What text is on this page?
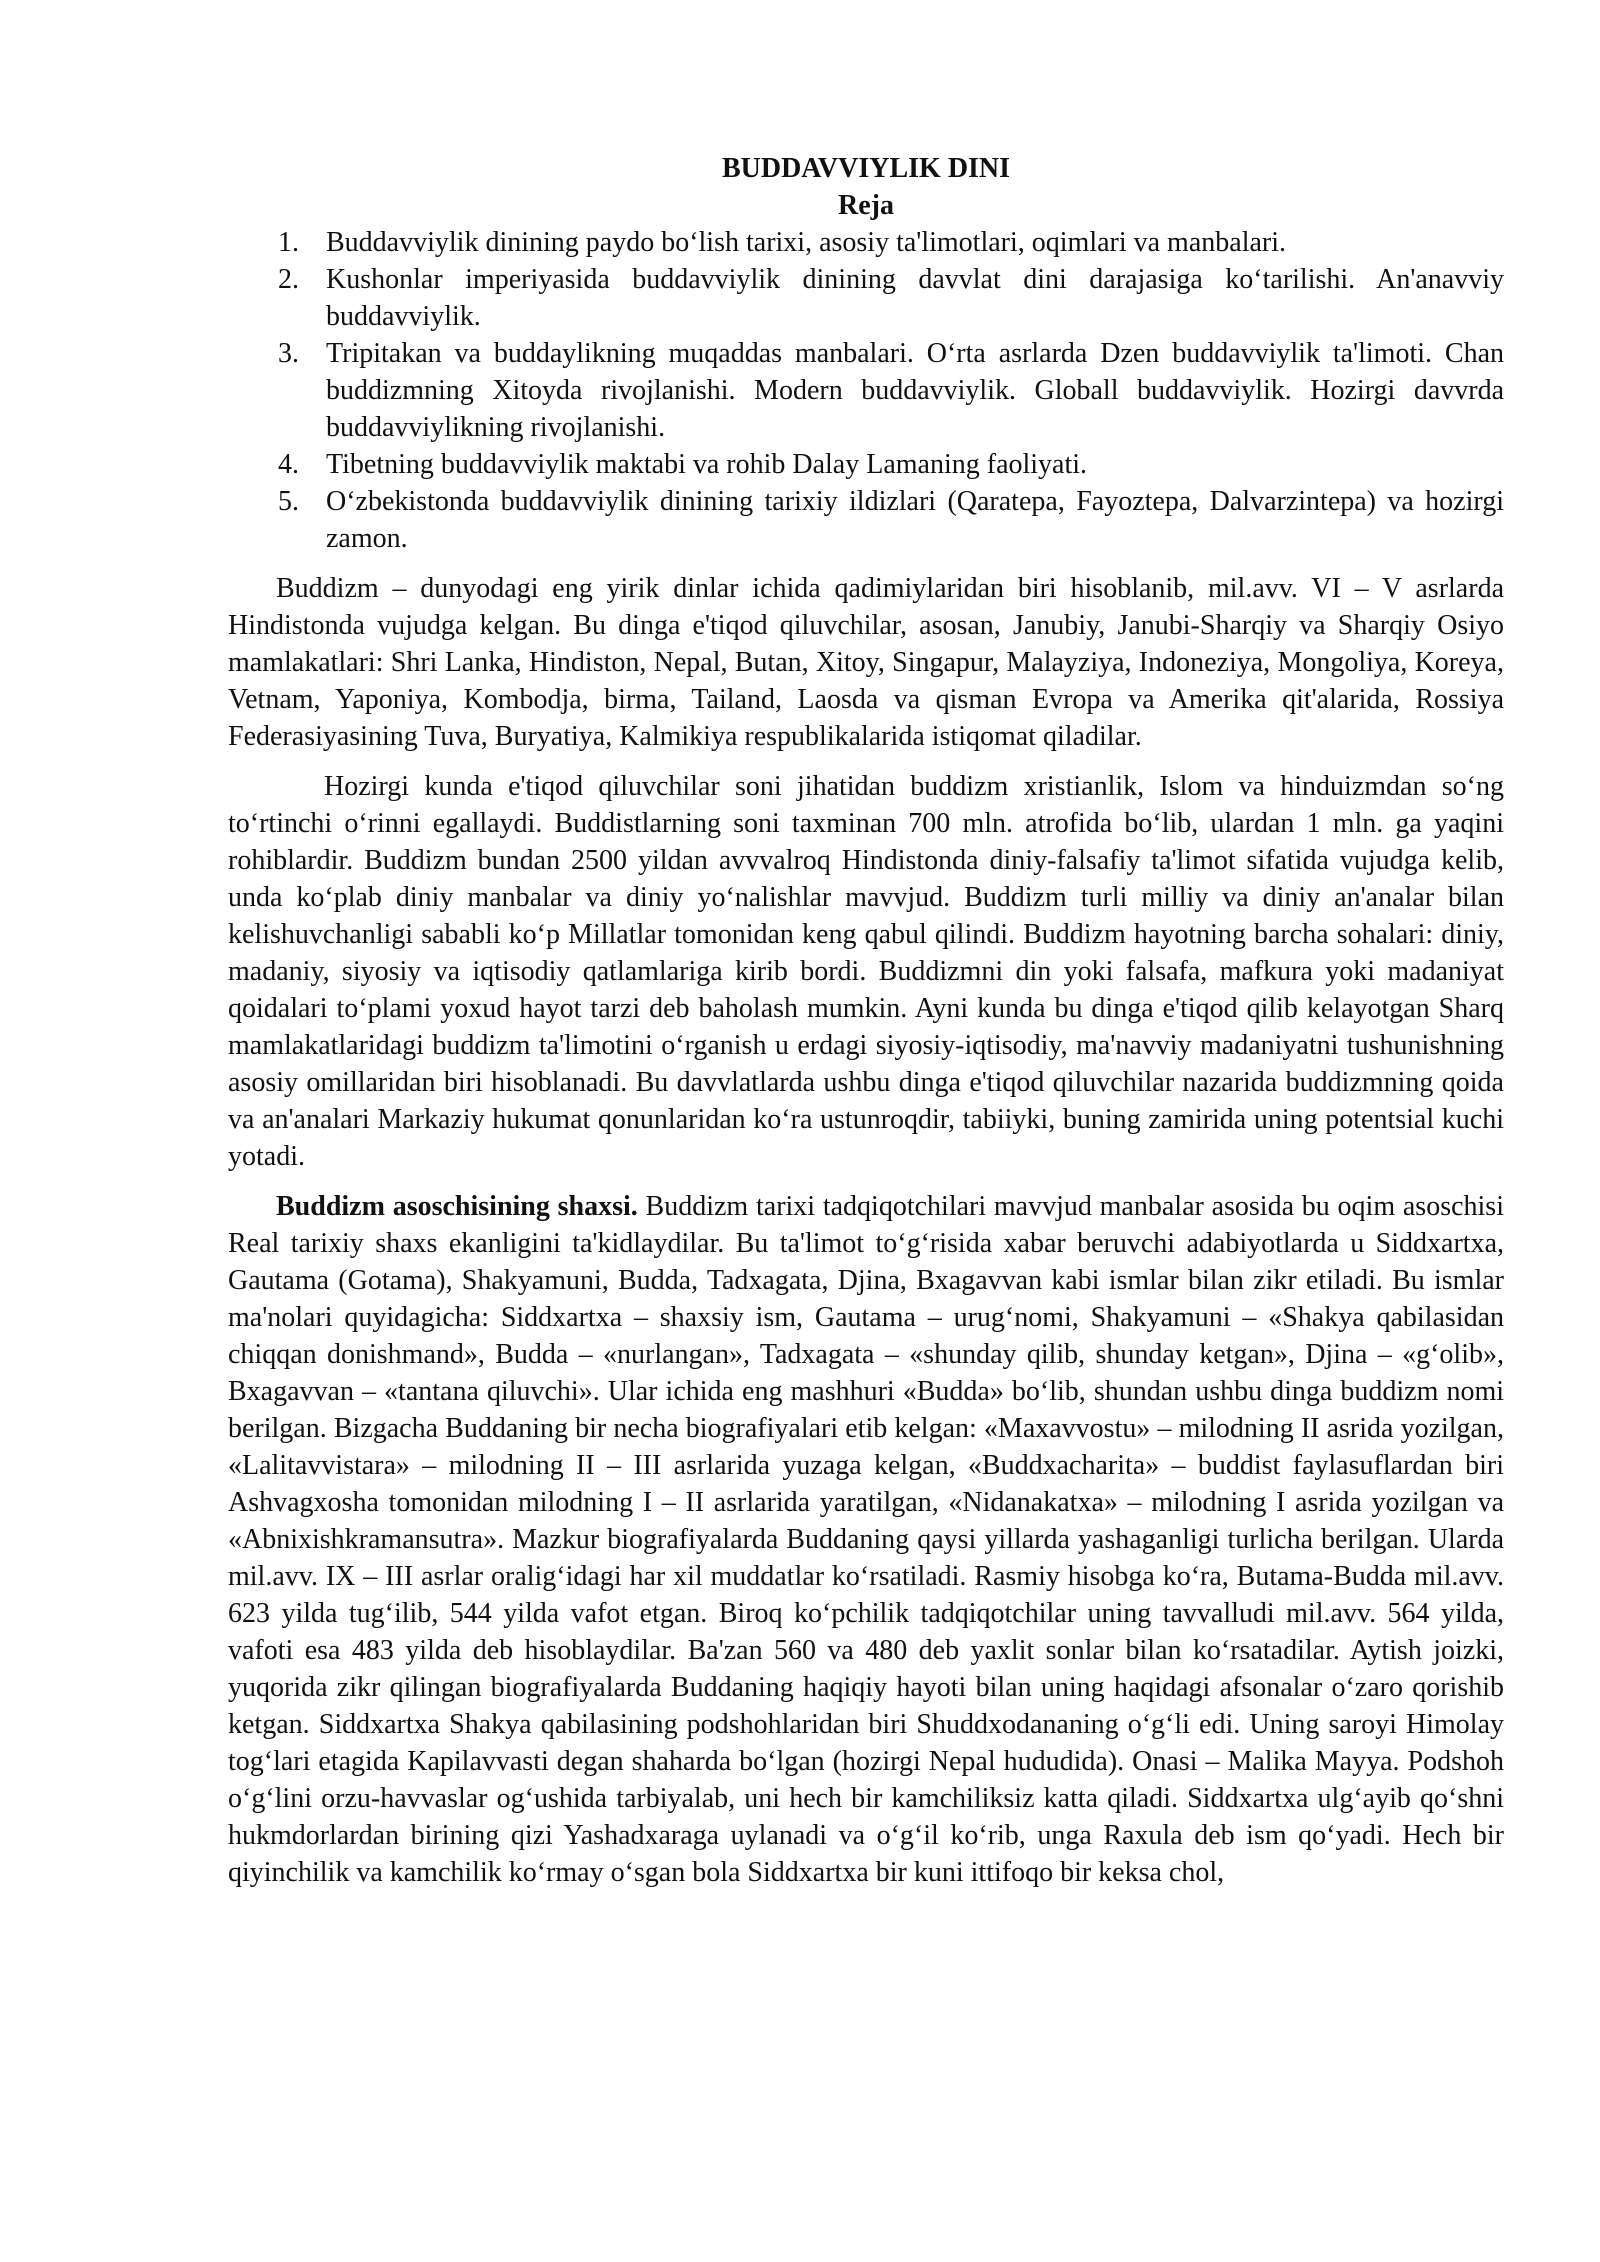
BUDDAVVIYLIK DINI
Reja
1. Buddavviylik dinining paydo bo‘lish tarixi, asosiy ta'limotlari, oqimlari va manbalari.
2. Kushonlar imperiyasida buddavviylik dinining davvlat dini darajasiga ko‘tarilishi. An'anavviy buddavviylik.
3. Tripitakan va buddaylikning muqaddas manbalari. O‘rta asrlarda Dzen buddavviylik ta'limoti. Chan buddizmning Xitoyda rivojlanishi. Modern buddavviylik. Globall buddavviylik. Hozirgi davvrda buddavviylikning rivojlanishi.
4. Tibetning buddavviylik maktabi va rohib Dalay Lamaning faoliyati.
5. O‘zbekistonda buddavviylik dinining tarixiy ildizlari (Qaratepa, Fayoztepa, Dalvarzintepa) va hozirgi zamon.

Buddizm – dunyodagi eng yirik dinlar ichida qadimiylaridan biri hisoblanib, mil.avv. VI – V asrlarda Hindistonda vujudga kelgan. Bu dinga e'tiqod qiluvchilar, asosan, Janubiy, Janubi-Sharqiy va Sharqiy Osiyo mamlakatlari: Shri Lanka, Hindiston, Nepal, Butan, Xitoy, Singapur, Malayziya, Indoneziya, Mongoliya, Koreya, Vetnam, Yaponiya, Kombodja, birma, Tailand, Laosda va qisman Evropa va Amerika qit'alarida, Rossiya Federasiyasining Tuva, Buryatiya, Kalmikiya respublikalarida istiqomat qiladilar.

Hozirgi kunda e'tiqod qiluvchilar soni jihatidan buddizm xristianlik, Islom va hinduizmdan so‘ng to‘rtinchi o‘rinni egallaydi. Buddistlarning soni taxminan 700 mln. atrofida bo‘lib, ulardan 1 mln. ga yaqini rohiblardir. Buddizm bundan 2500 yildan avvvalroq Hindistonda diniy-falsafiy ta'limot sifatida vujudga kelib, unda ko‘plab diniy manbalar va diniy yo‘nalishlar mavvjud. Buddizm turli milliy va diniy an'analar bilan kelishuvchanligi sababli ko‘p Millatlar tomonidan keng qabul qilindi. Buddizm hayotning barcha sohalari: diniy, madaniy, siyosiy va iqtisodiy qatlamlariga kirib bordi. Buddizmni din yoki falsafa, mafkura yoki madaniyat qoidalari to‘plami yoxud hayot tarzi deb baholash mumkin. Ayni kunda bu dinga e'tiqod qilib kelayotgan Sharq mamlakatlaridagi buddizm ta'limotini o‘rganish u erdagi siyosiy-iqtisodiy, ma'navviy madaniyatni tushunishning asosiy omillaridan biri hisoblanadi. Bu davvlatlarda ushbu dinga e'tiqod qiluvchilar nazarida buddizmning qoida va an'analari Markaziy hukumat qonunlaridan ko‘ra ustunroqdir, tabiiyki, buning zamirida uning potentsial kuchi yotadi.

Buddizm asoschisining shaxsi. Buddizm tarixi tadqiqotchilari mavvjud manbalar asosida bu oqim asoschisi Real tarixiy shaxs ekanligini ta'kidlaydilar. Bu ta'limot to‘g‘risida xabar beruvchi adabiyotlarda u Siddxartxa, Gautama (Gotama), Shakyamuni, Budda, Tadxagata, Djina, Bxagavvan kabi ismlar bilan zikr etiladi. Bu ismlar ma'nolari quyidagicha: Siddxartxa – shaxsiy ism, Gautama – urug‘nomi, Shakyamuni – «Shakya qabilasidan chiqqan donishmand», Budda – «nurlangan», Tadxagata – «shunday qilib, shunday ketgan», Djina – «g‘olib», Bxagavvan – «tantana qiluvchi». Ular ichida eng mashhuri «Budda» bo‘lib, shundan ushbu dinga buddizm nomi berilgan. Bizgacha Buddaning bir necha biografiyalari etib kelgan: «Maxavvostu» – milodning II asrida yozilgan, «Lalitavvistara» – milodning II – III asrlarida yuzaga kelgan, «Buddxacharita» – buddist faylasuflardan biri Ashvagxosha tomonidan milodning I – II asrlarida yaratilgan, «Nidanakatxa» – milodning I asrida yozilgan va «Abnixishkramansutra». Mazkur biografiyalarda Buddaning qaysi yillarda yashaganligi turlicha berilgan. Ularda mil.avv. IX – III asrlar oralig‘idagi har xil muddatlar ko‘rsatiladi. Rasmiy hisobga ko‘ra, Butama-Budda mil.avv. 623 yilda tug‘ilib, 544 yilda vafot etgan. Biroq ko‘pchilik tadqiqotchilar uning tavvalludi mil.avv. 564 yilda, vafoti esa 483 yilda deb hisoblaydilar. Ba'zan 560 va 480 deb yaxlit sonlar bilan ko‘rsatadilar. Aytish joizki, yuqorida zikr qilingan biografiyalarda Buddaning haqiqiy hayoti bilan uning haqidagi afsonalar o‘zaro qorishib ketgan. Siddxartxa Shakya qabilasining podshohlaridan biri Shuddxodananing o‘g‘li edi. Uning saroyi Himolay tog‘lari etagida Kapilavvasti degan shaharda bo‘lgan (hozirgi Nepal hududida). Onasi – Malika Mayya. Podshoh o‘g‘lini orzu-havvaslar og‘ushida tarbiyalab, uni hech bir kamchiliksiz katta qiladi. Siddxartxa ulg‘ayib qo‘shni hukmdorlardan birining qizi Yashadxaraga uylanadi va o‘g‘il ko‘rib, unga Raxula deb ism qo‘yadi. Hech bir qiyinchilik va kamchilik ko‘rmay o‘sgan bola Siddxartxa bir kuni ittifoqo bir keksa chol,
